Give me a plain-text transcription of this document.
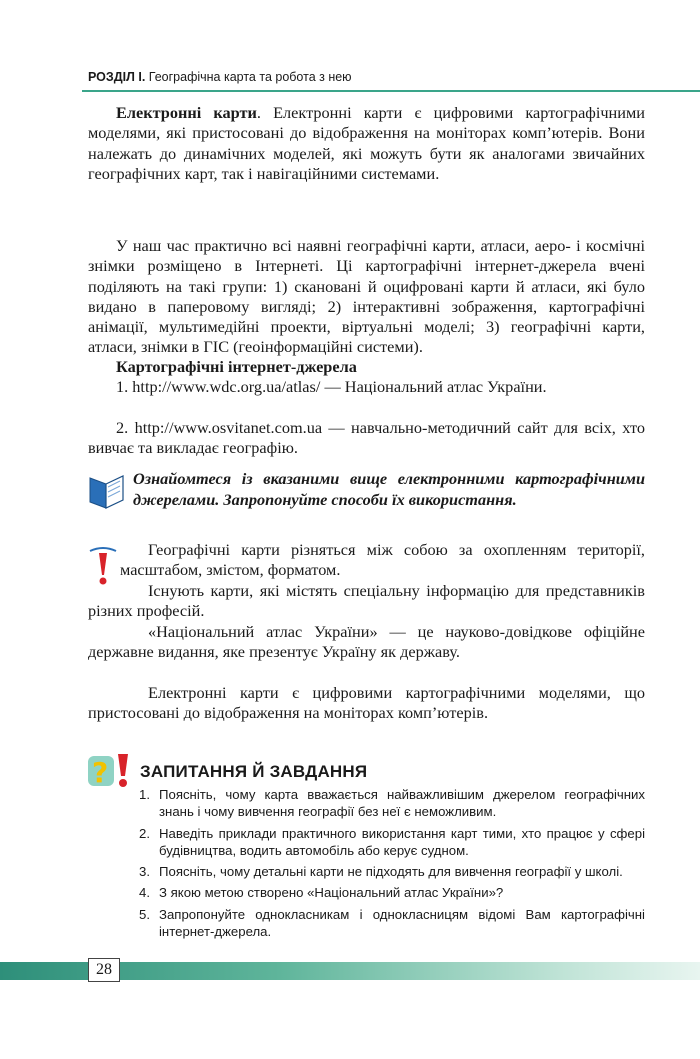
РОЗДІЛ І. Географічна карта та робота з нею

Електронні карти. Електронні карти є цифровими картографічними моделями, які пристосовані до відображення на моніторах комп’ютерів. Вони належать до динамічних моделей, які можуть бути як аналогами звичайних географічних карт, так і навігаційними системами.

У наш час практично всі наявні географічні карти, атласи, аеро- і космічні знімки розміщено в Інтернеті. Ці картографічні інтернет-джерела вчені поділяють на такі групи: 1) скановані й оцифровані карти й атласи, які було видано в паперовому вигляді; 2) інтерактивні зображення, картографічні анімації, мультимедійні проекти, віртуальні моделі; 3) географічні карти, атласи, знімки в ГІС (геоінформаційні системи).

Картографічні інтернет-джерела

1. http://www.wdc.org.ua/atlas/ — Національний атлас України.

2. http://www.osvitanet.com.ua — навчально-методичний сайт для всіх, хто вивчає та викладає географію.

Ознайомтеся із вказаними вище електронними картографічними джерелами. Запропонуйте способи їх використання.
Географічні карти різняться між собою за охопленням території, масштабом, змістом, форматом.
Існують карти, які містять спеціальну інформацію для представників різних професій.
«Національний атлас України» — це науково-довідкове офіційне державне видання, яке презентує Україну як державу.
Електронні карти є цифровими картографічними моделями, що пристосовані до відображення на моніторах комп’ютерів.
? ЗАПИТАННЯ Й ЗАВДАННЯ
1. Поясніть, чому карта вважається найважливішим джерелом географічних знань і чому вивчення географії без неї є неможливим.
2. Наведіть приклади практичного використання карт тими, хто працює у сфері будівництва, водить автомобіль або керує судном.
3. Поясніть, чому детальні карти не підходять для вивчення географії у школі.
4. З якою метою створено «Національний атлас України»?
5. Запропонуйте однокласникам і однокласницям відомі Вам картографічні інтернет-джерела.
28
